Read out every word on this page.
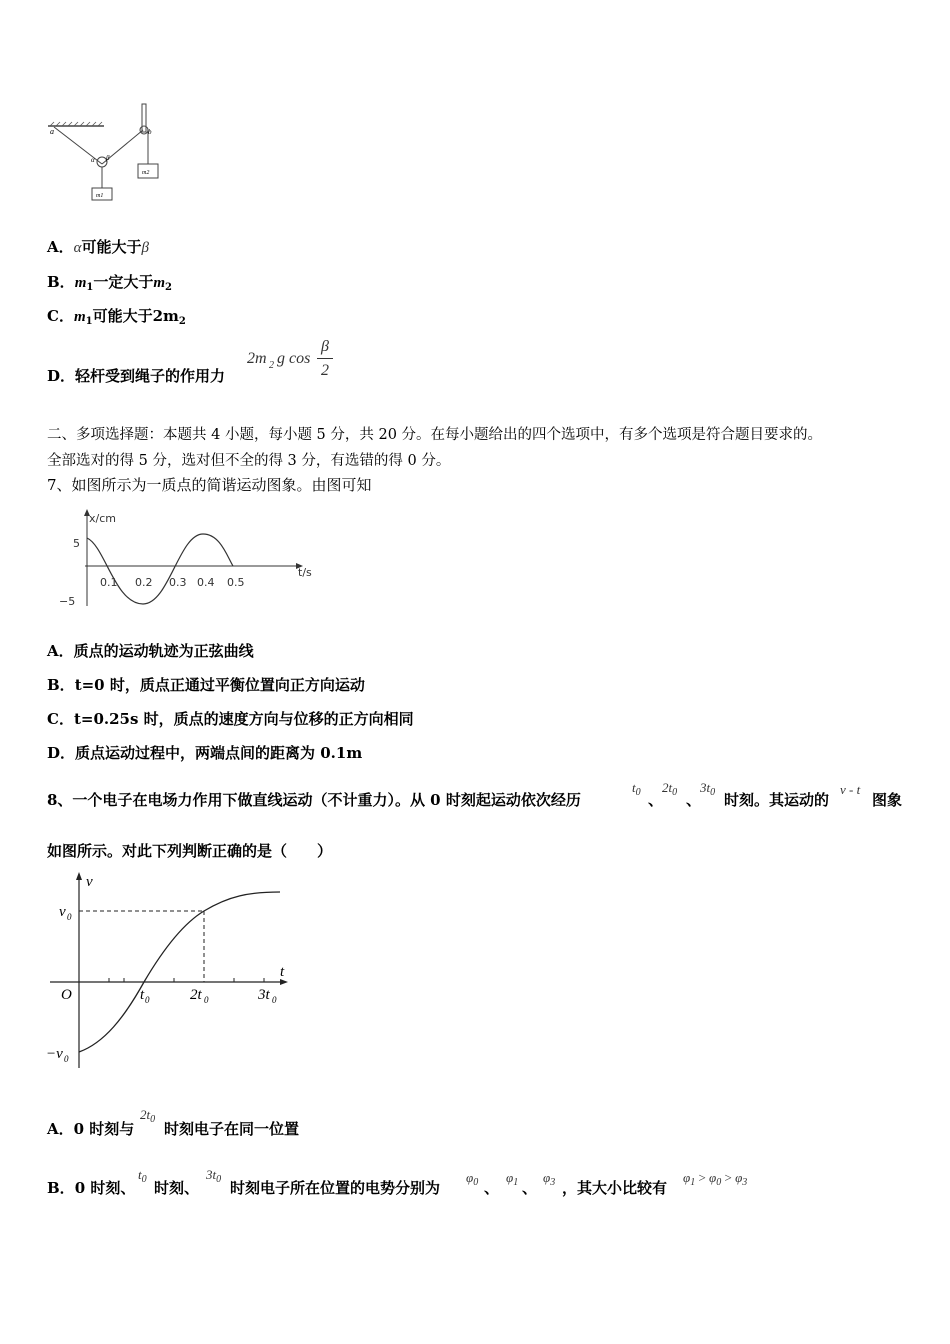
a	b
α β
m1
m2
A．α可能大于β
B．$m_1$一定大于$m_2$
C．$m_1$可能大于$2m_2$
D．轻杆受到绳子的作用力
2m 2 g cos
β
2
二、多项选择题：本题共 4 小题，每小题 5 分，共 20 分。在每小题给出的四个选项中，有多个选项是符合题目要求的。
全部选对的得 5 分，选对但不全的得 3 分，有选错的得 0 分。
7、如图所示为一质点的简谐运动图象。由图可知
x/cm
t/s
5
−5
0.1 0.2 0.3 0.4 0.5
A．质点的运动轨迹为正弦曲线
B．t=0 时，质点正通过平衡位置向正方向运动
C．t=0.25s 时，质点的速度方向与位移的正方向相同
D．质点运动过程中，两端点间的距离为 0.1m
8、一个电子在电场力作用下做直线运动（不计重力）。从 0 时刻起运动依次经历
$t_0$ 、
$2t_0$ 、
$3t_0$ 时刻。其运动的
v - t
图象
如图所示。对此下列判断正确的是（　　）
v
t
v 0
O
−v 0
t 0	2t 0	3t 0
A．0 时刻与
$2t_0$
时刻电子在同一位置
B．0 时刻、
$t_0$ 时刻、
$3t_0$ 时刻电子所在位置的电势分别为
$\varphi_0$ 、
$\varphi_1$ 、
$\varphi_3$ ，其大小比较有
$\varphi_1 > \varphi_0 > \varphi_3$
